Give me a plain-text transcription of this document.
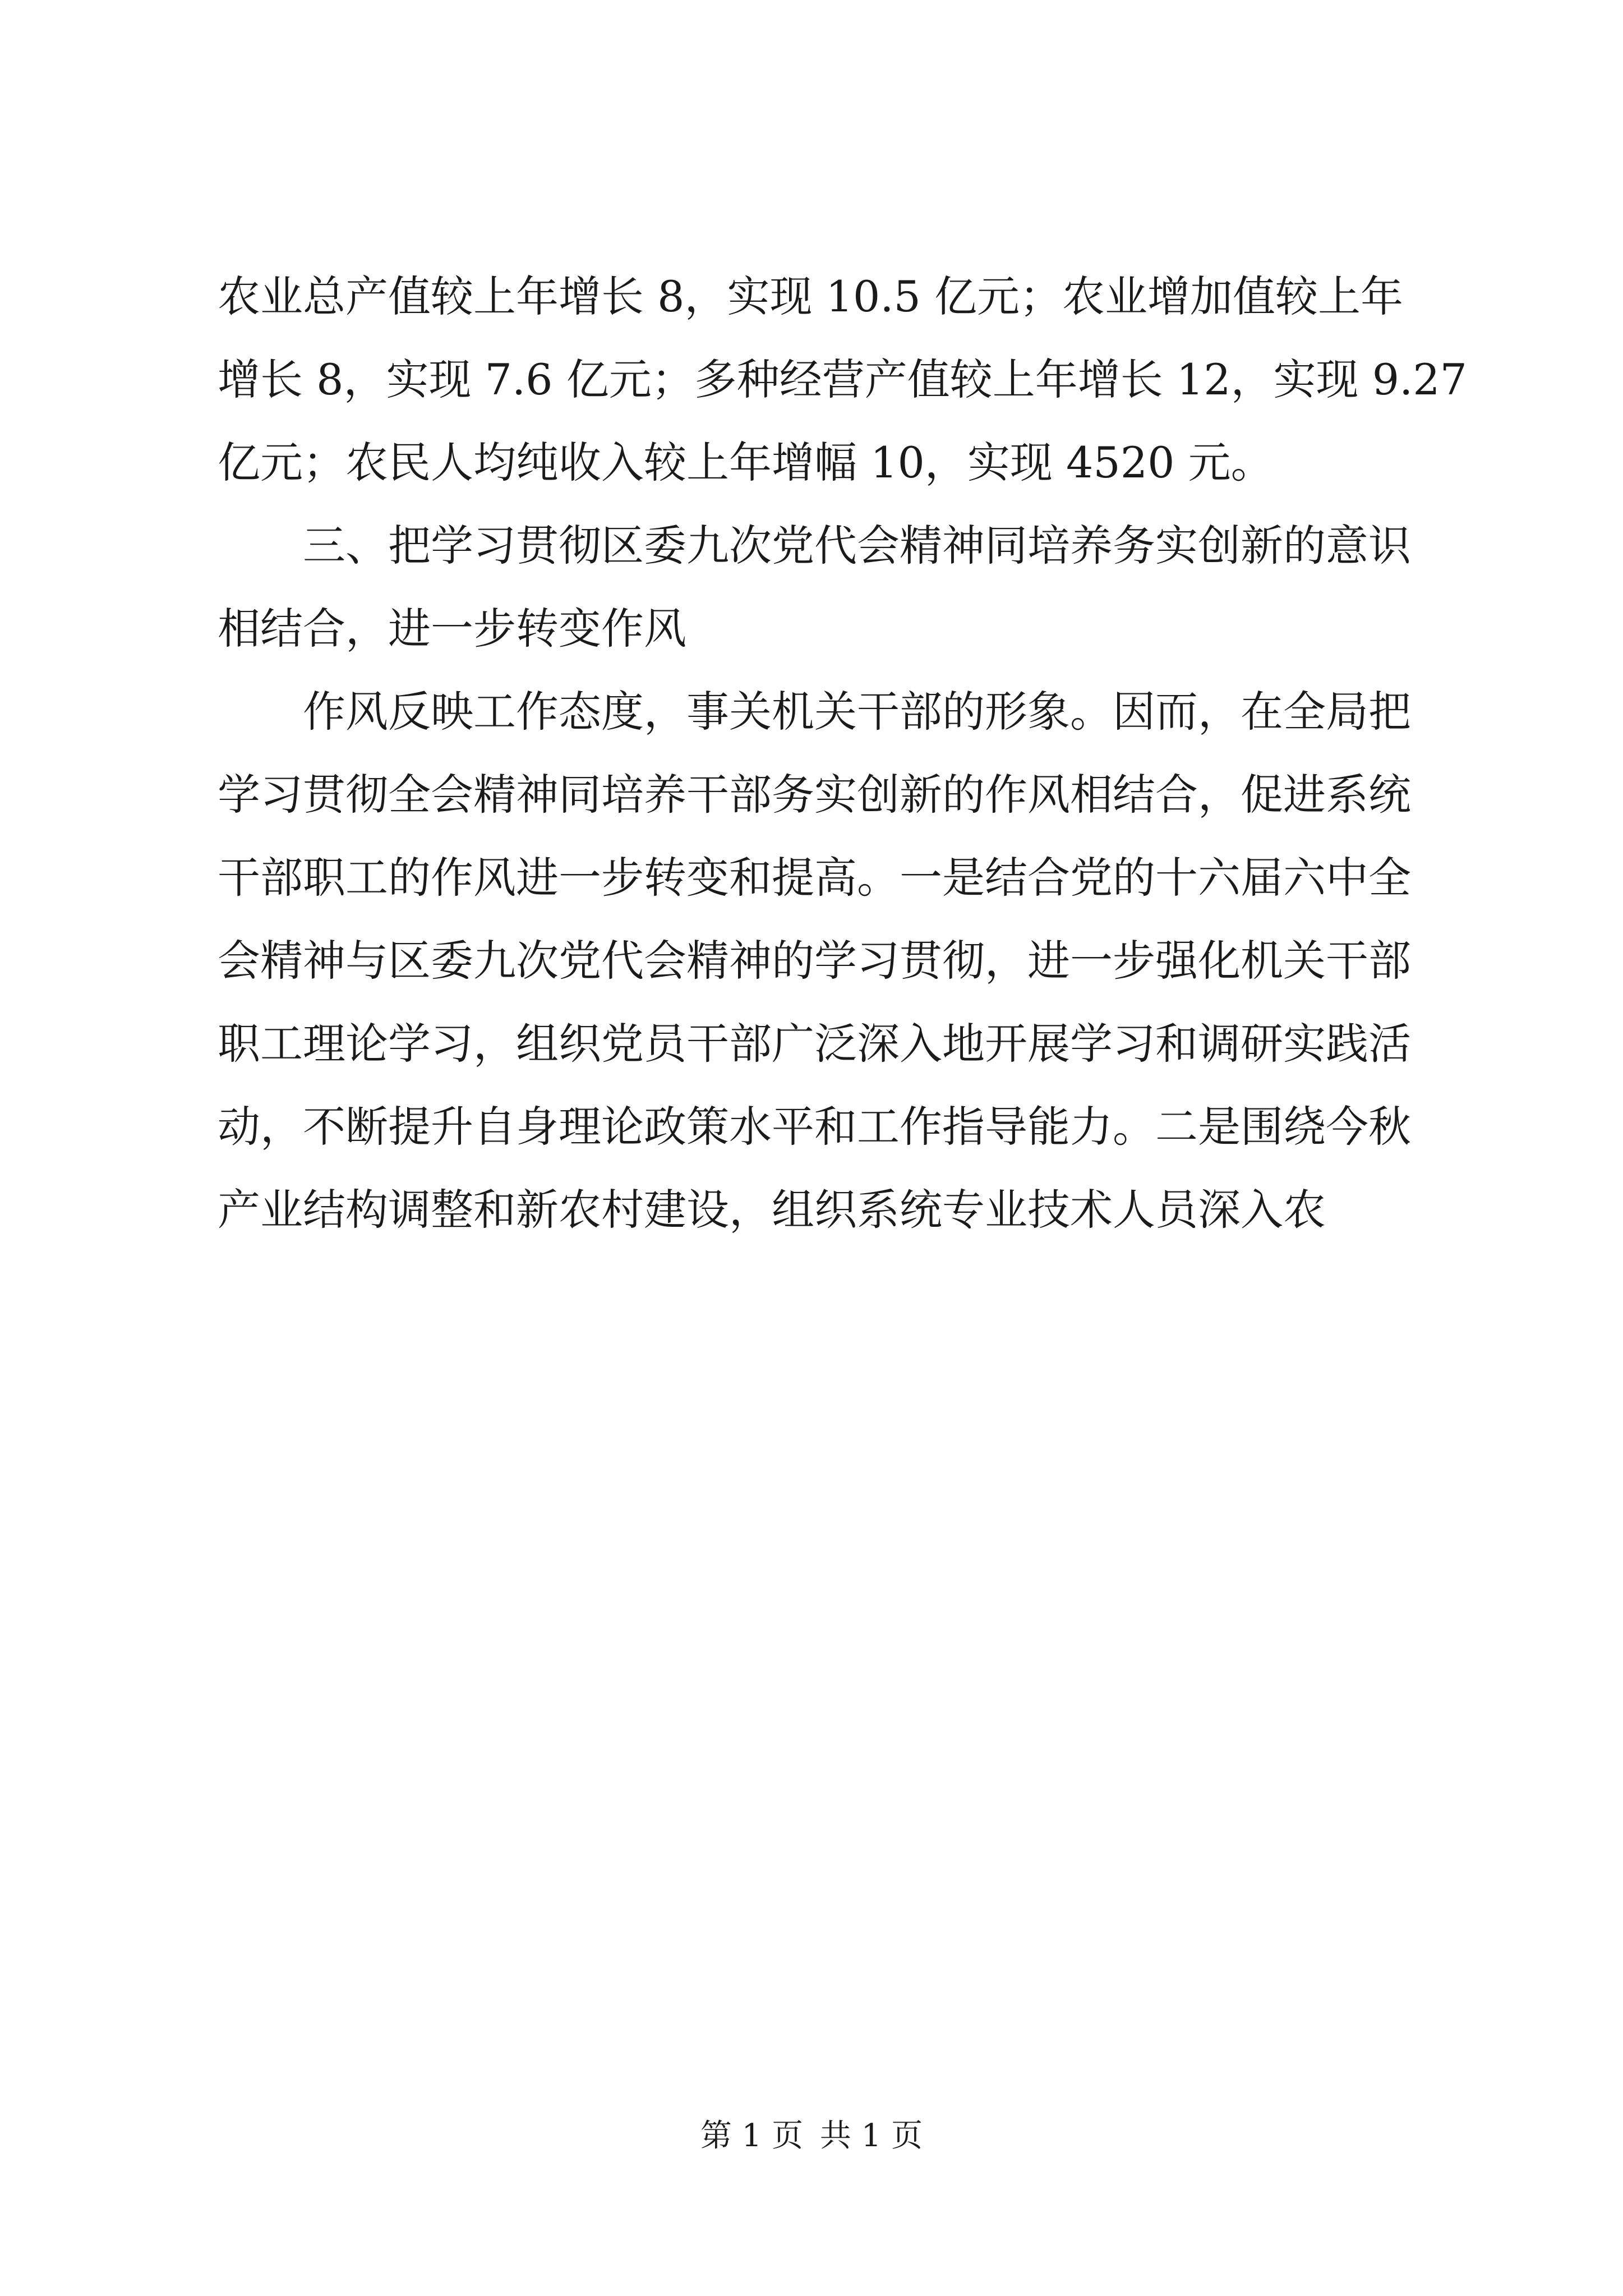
农业总产值较上年增长 8，实现 10.5 亿元；农业增加值较上年
增长 8，实现 7.6 亿元；多种经营产值较上年增长 12，实现 9.27
亿元；农民人均纯收入较上年增幅 10，实现 4520 元。
　　三、把学习贯彻区委九次党代会精神同培养务实创新的意识
相结合，进一步转变作风
　　作风反映工作态度，事关机关干部的形象。因而，在全局把
学习贯彻全会精神同培养干部务实创新的作风相结合，促进系统
干部职工的作风进一步转变和提高。一是结合党的十六届六中全
会精神与区委九次党代会精神的学习贯彻，进一步强化机关干部
职工理论学习，组织党员干部广泛深入地开展学习和调研实践活
动，不断提升自身理论政策水平和工作指导能力。二是围绕今秋
产业结构调整和新农村建设，组织系统专业技术人员深入农
第 1 页 共 1 页
